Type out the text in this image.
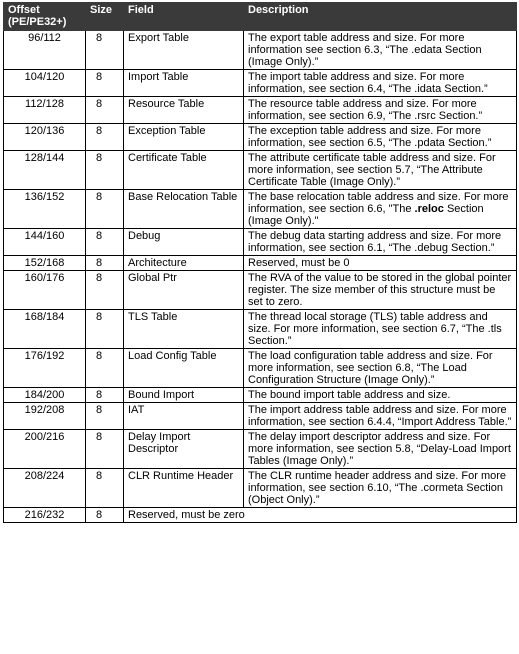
Offset (PE/PE32+)	Size	Field	Description
96/112	8	Export Table	The export table address and size. For more information see section 6.3, “The .edata Section (Image Only).”
104/120	8	Import Table	The import table address and size. For more information, see section 6.4, “The .idata Section.”
112/128	8	Resource Table	The resource table address and size. For more information, see section 6.9, “The .rsrc Section.”
120/136	8	Exception Table	The exception table address and size. For more information, see section 6.5, “The .pdata Section.”
128/144	8	Certificate Table	The attribute certificate table address and size. For more information, see section 5.7, “The Attribute Certificate Table (Image Only).”
136/152	8	Base Relocation Table	The base relocation table address and size. For more information, see section 6.6, "The .reloc Section (Image Only)."
144/160	8	Debug	The debug data starting address and size. For more information, see section 6.1, “The .debug Section.”
152/168	8	Architecture	Reserved, must be 0
160/176	8	Global Ptr	The RVA of the value to be stored in the global pointer register. The size member of this structure must be set to zero.
168/184	8	TLS Table	The thread local storage (TLS) table address and size. For more information, see section 6.7, “The .tls Section.”
176/192	8	Load Config Table	The load configuration table address and size. For more information, see section 6.8, “The Load Configuration Structure (Image Only).”
184/200	8	Bound Import	The bound import table address and size.
192/208	8	IAT	The import address table address and size. For more information, see section 6.4.4, “Import Address Table.”
200/216	8	Delay Import Descriptor	The delay import descriptor address and size. For more information, see section 5.8, “Delay-Load Import Tables (Image Only).”
208/224	8	CLR Runtime Header	The CLR runtime header address and size. For more information, see section 6.10, “The .cormeta Section (Object Only).”
216/232	8	Reserved, must be zero	
